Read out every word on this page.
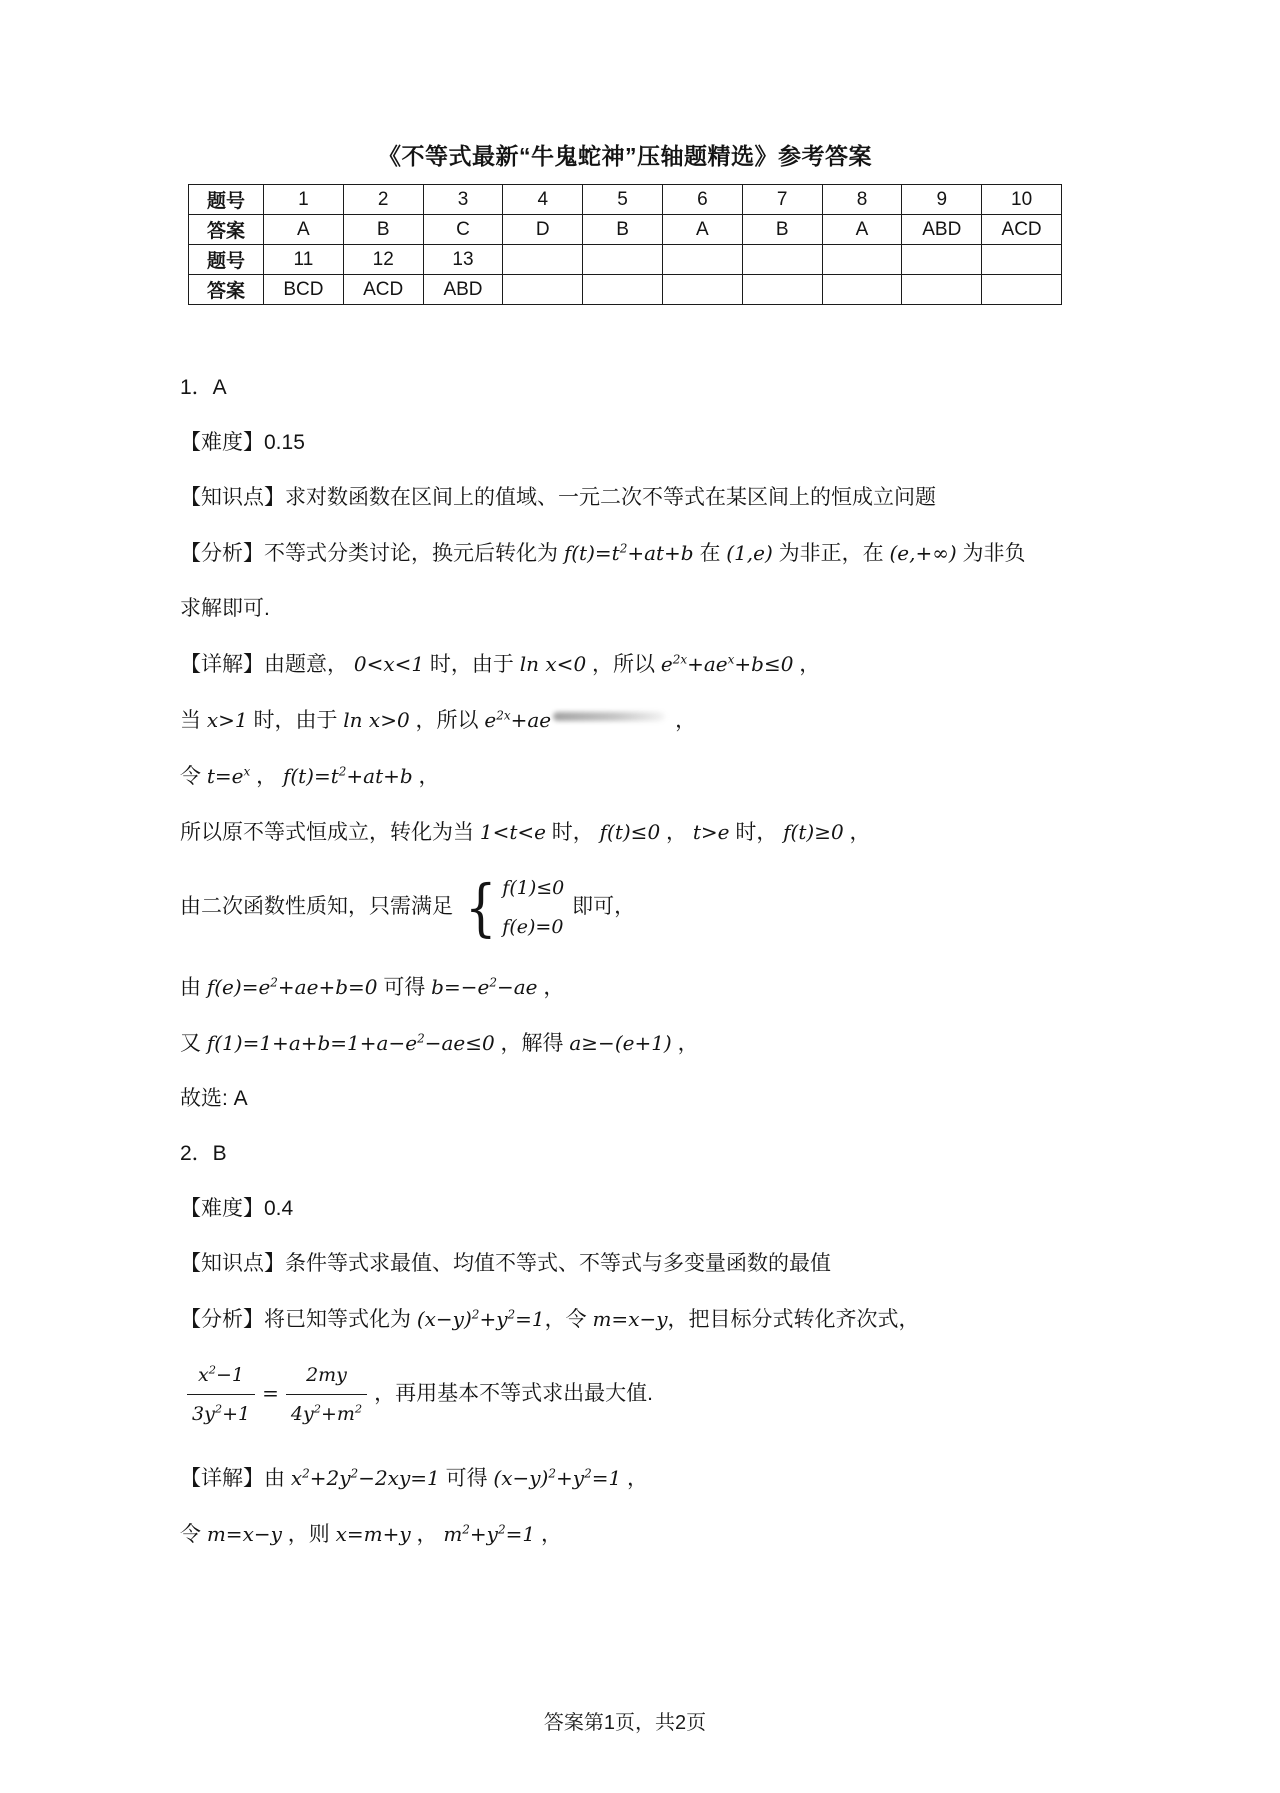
《不等式最新“牛鬼蛇神”压轴题精选》参考答案
题号	1	2	3	4	5	6	7	8	9	10
答案	A	B	C	D	B	A	B	A	ABD	ACD
题号	11	12	13							
答案	BCD	ACD	ABD							
1．A
【难度】0.15
【知识点】求对数函数在区间上的值域、一元二次不等式在某区间上的恒成立问题
【分析】不等式分类讨论，换元后转化为 $f(t)=t^2+at+b$ 在 (1,e) 为非正，在 (e,+∞) 为非负
求解即可.
【详解】由题意， 0<x<1 时，由于 ln x<0 ，所以 $e^{2x}+ae^x+b\le 0$ ，
当 x>1 时，由于 ln x>0 ，所以 $e^{2x}+ae$	，
令 $t=e^x$ ， $f(t)=t^2+at+b$ ，
所以原不等式恒成立，转化为当 1<t<e 时， f(t)≤0 ， t>e 时， f(t)≥0 ，
由二次函数性质知，只需满足 { f(1)≤0
f(e)=0
即可，
由 $f(e)=e^2+ae+b=0$ 可得 $b=-e^2-ae$ ，
又 $f(1)=1+a+b=1+a-e^2-ae\le 0$ ，解得 a≥−(e+1) ，
故选: A
2．B
【难度】0.4
【知识点】条件等式求最值、均值不等式、不等式与多变量函数的最值
【分析】将已知等式化为 $(x-y)^2+y^2=1$，令 m=x−y，把目标分式转化齐次式，
$\frac{x^2-1}{3y^2+1} = \frac{2my}{4y^2+m^2}$ ，再用基本不等式求出最大值.
【详解】由 $x^2+2y^2-2xy=1$ 可得 $(x-y)^2+y^2=1$ ，
令 m=x−y ，则 x=m+y ， $m^2+y^2=1$ ，
答案第1页，共2页
